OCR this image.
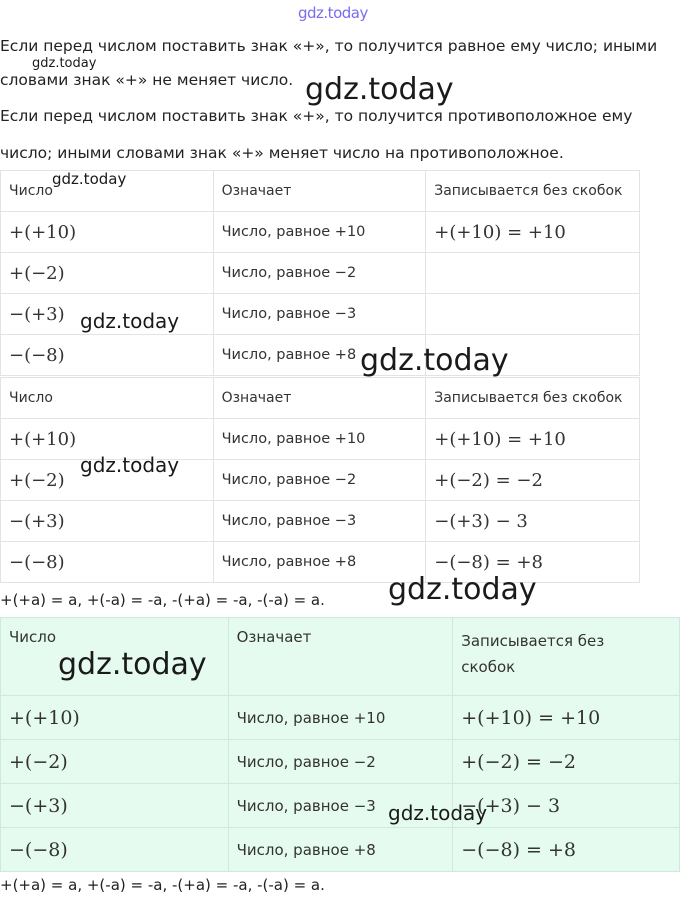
gdz.today
Если перед числом поставить знак «+», то получится равное ему число; иными
словами знак «+» не меняет число.
Если перед числом поставить знак «+», то получится противоположное ему
число; иными словами знак «+» меняет число на противоположное.
Число	Означает	Записывается без скобок
+(+10)	Число, равное +10	+(+10) = +10
+(−2)	Число, равное −2	
−(+3)	Число, равное −3	
−(−8)	Число, равное +8	
Число	Означает	Записывается без скобок
+(+10)	Число, равное +10	+(+10) = +10
+(−2)	Число, равное −2	+(−2) = −2
−(+3)	Число, равное −3	−(+3) − 3
−(−8)	Число, равное +8	−(−8) = +8
+(+a) = a, +(-a) = -a, -(+a) = -a, -(-a) = a.
Число	Означает	Записывается без
скобок
+(+10)	Число, равное +10	+(+10) = +10
+(−2)	Число, равное −2	+(−2) = −2
−(+3)	Число, равное −3	−(+3) − 3
−(−8)	Число, равное +8	−(−8) = +8
+(+a) = a, +(-a) = -a, -(+a) = -a, -(-a) = a.
gdz.today
gdz.today
gdz.today
gdz.today
gdz.today
gdz.today
gdz.today
gdz.today
gdz.today
